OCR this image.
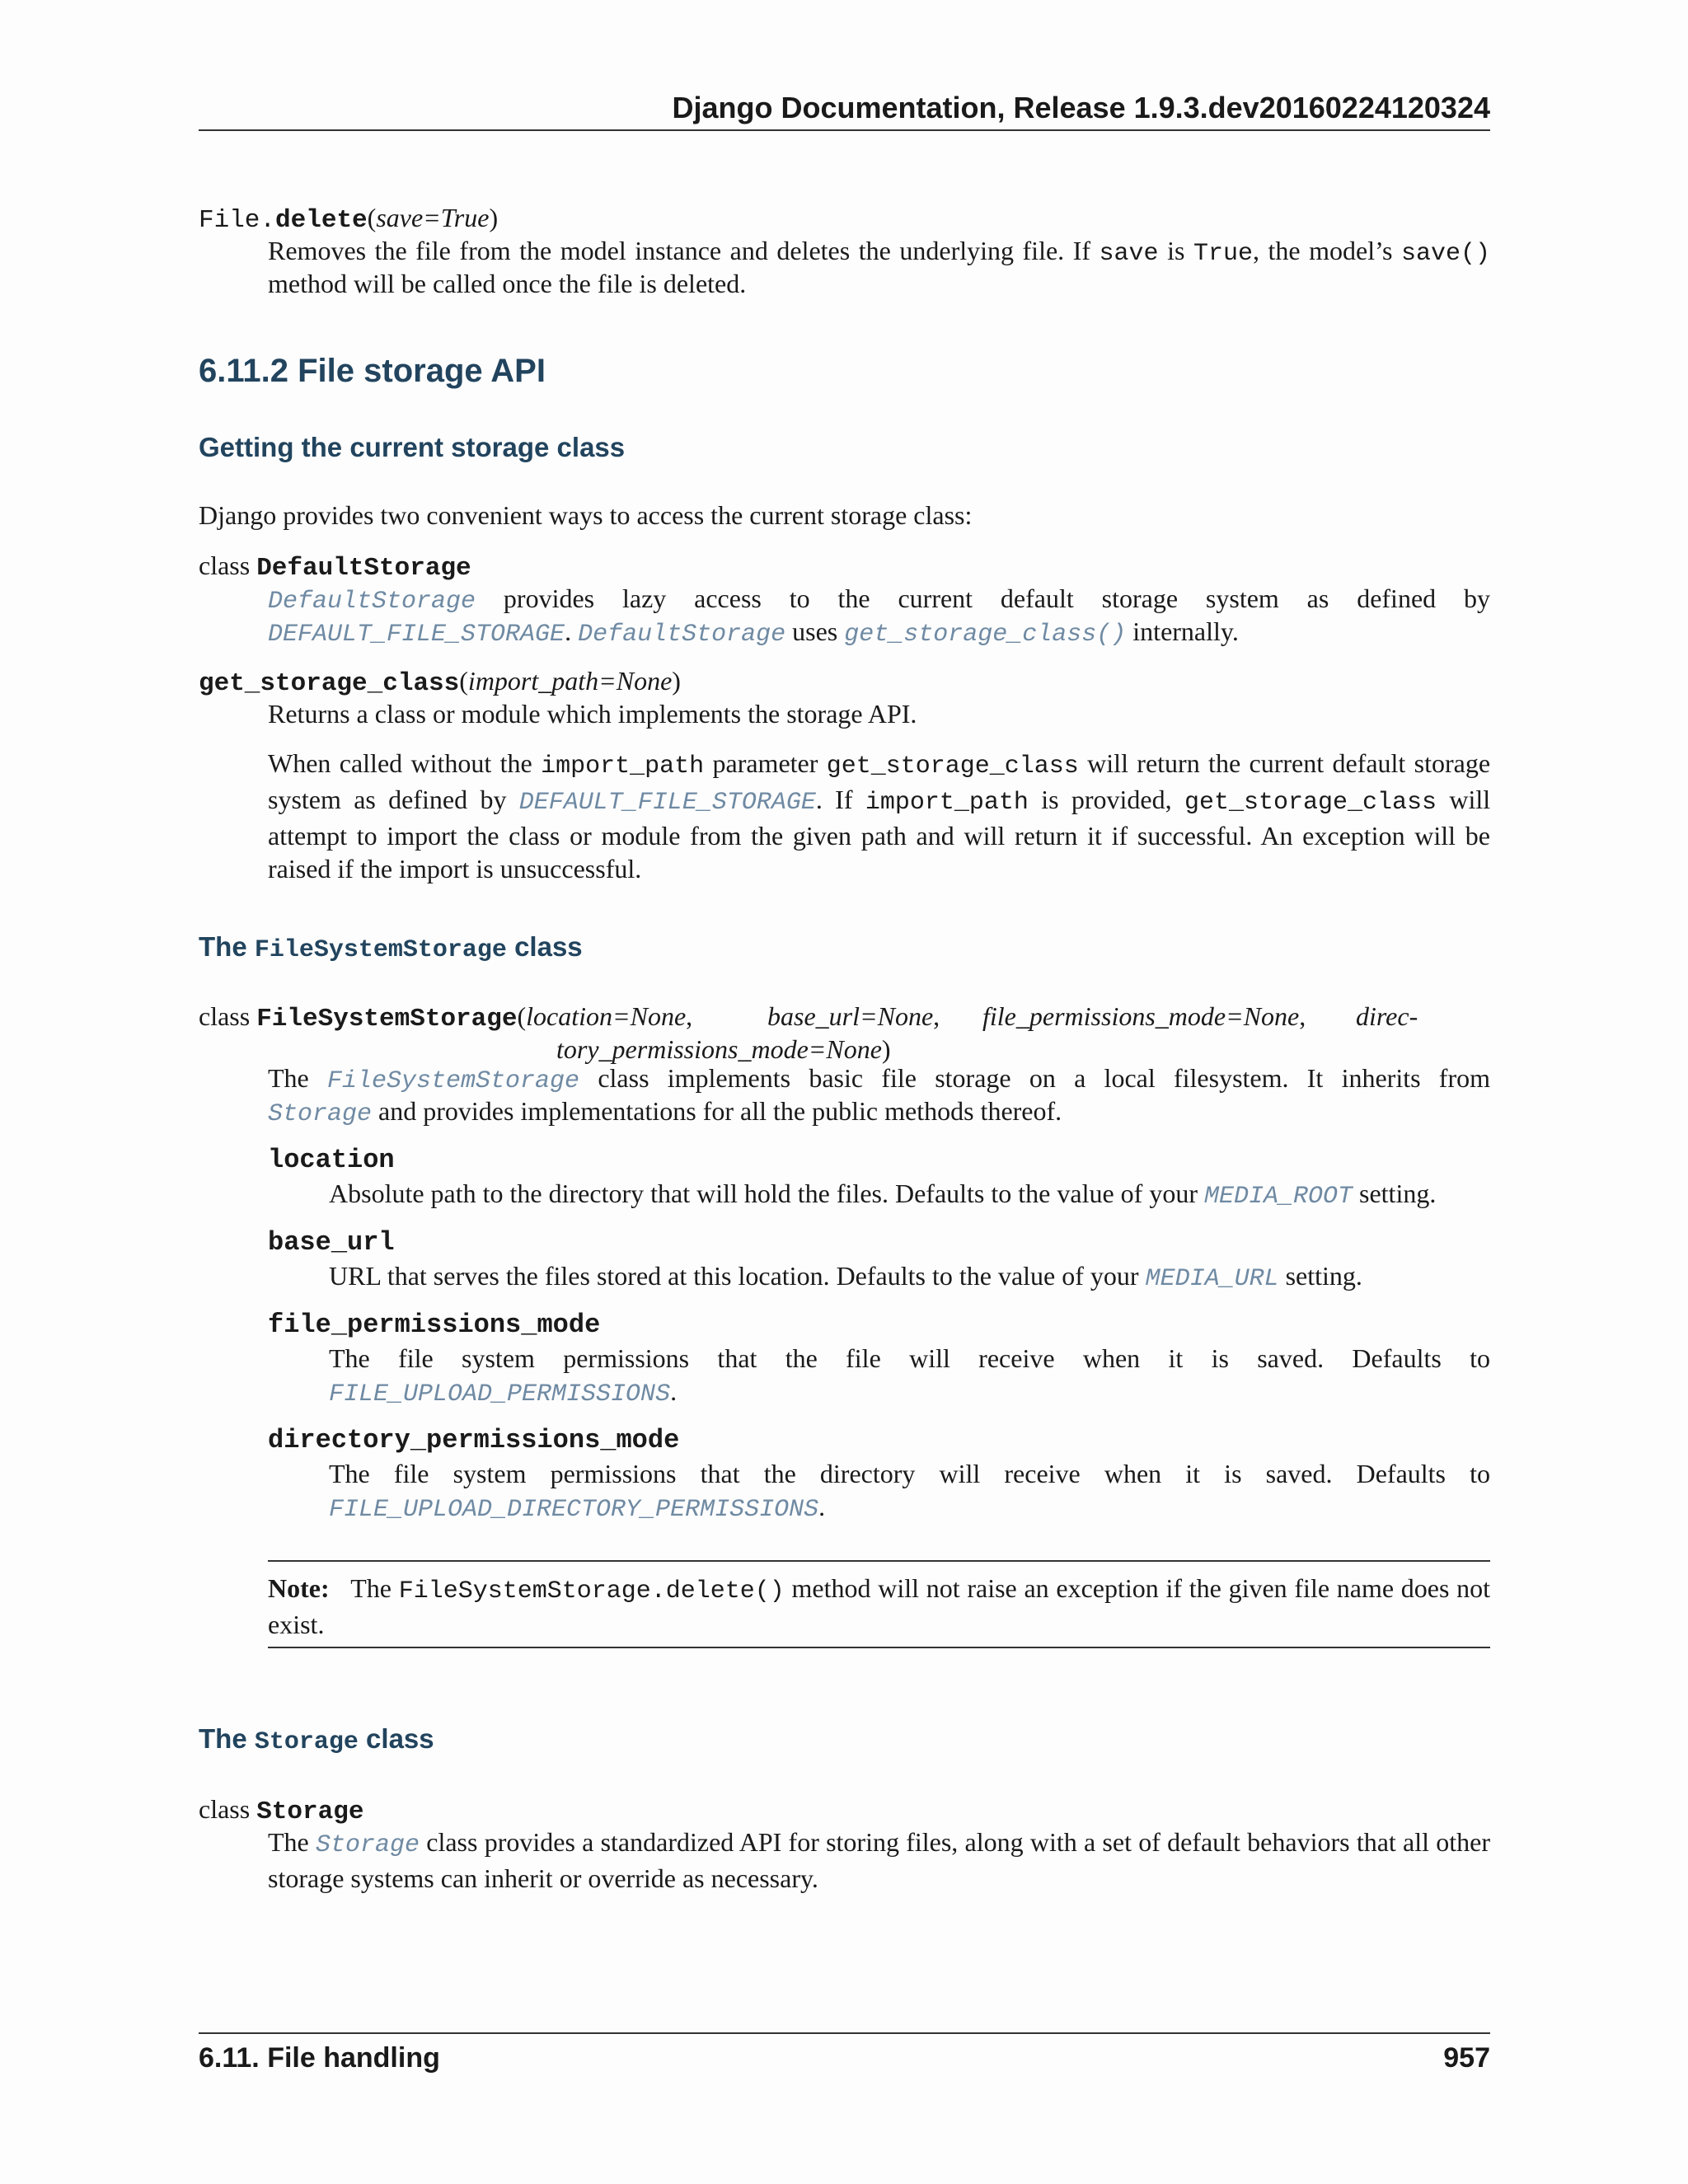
Django Documentation, Release 1.9.3.dev20160224120324
File.delete(save=True)
Removes the file from the model instance and deletes the underlying file. If save is True, the model’s save()
method will be called once the file is deleted.
6.11.2 File storage API
Getting the current storage class
Django provides two convenient ways to access the current storage class:
class DefaultStorage
DefaultStorage provides lazy access to the current default storage system as defined by
DEFAULT_FILE_STORAGE. DefaultStorage uses get_storage_class() internally.
get_storage_class(import_path=None)
Returns a class or module which implements the storage API.
When called without the import_path parameter get_storage_class will return the current default storage system as defined by DEFAULT_FILE_STORAGE. If import_path is provided, get_storage_class will attempt to import the class or module from the given path and will return it if successful. An exception will be raised if the import is unsuccessful.
The FileSystemStorage class
class FileSystemStorage(location=None,	base_url=None, file_permissions_mode=None, direc-
tory_permissions_mode=None)
The FileSystemStorage class implements basic file storage on a local filesystem. It inherits from
Storage and provides implementations for all the public methods thereof.
location
Absolute path to the directory that will hold the files. Defaults to the value of your MEDIA_ROOT setting.
base_url
URL that serves the files stored at this location. Defaults to the value of your MEDIA_URL setting.
file_permissions_mode
The file system permissions that the file will receive when it is saved. Defaults to
FILE_UPLOAD_PERMISSIONS.
directory_permissions_mode
The file system permissions that the directory will receive when it is saved. Defaults to
FILE_UPLOAD_DIRECTORY_PERMISSIONS.
Note: The FileSystemStorage.delete() method will not raise an exception if the given file name does not exist.
The Storage class
class Storage
The Storage class provides a standardized API for storing files, along with a set of default behaviors that all other storage systems can inherit or override as necessary.
6.11. File handling	957
